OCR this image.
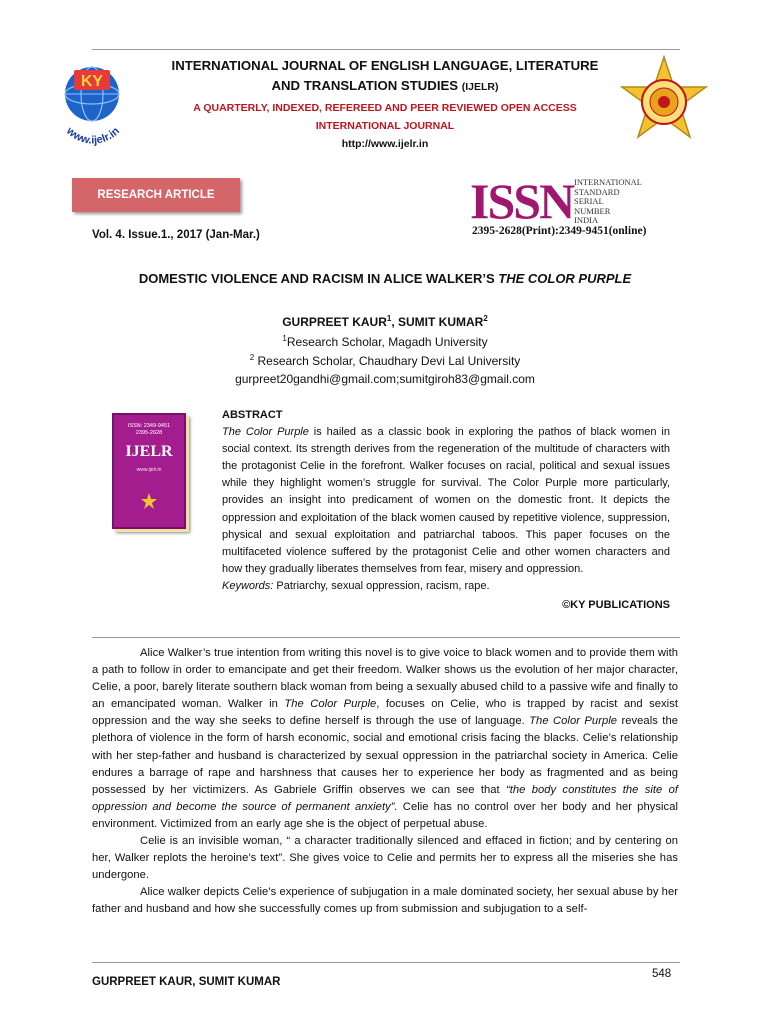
KY
www.ijelr.in
INTERNATIONAL JOURNAL OF ENGLISH LANGUAGE, LITERATURE
AND TRANSLATION STUDIES (IJELR)
A QUARTERLY, INDEXED, REFEREED AND PEER REVIEWED OPEN ACCESS
INTERNATIONAL JOURNAL
http://www.ijelr.in
RESEARCH ARTICLE	ISSN INTERNATIONAL
STANDARD
SERIAL
NUMBER
INDIA
2395-2628(Print):2349-9451(online)
Vol. 4. Issue.1., 2017 (Jan-Mar.)
DOMESTIC VIOLENCE AND RACISM IN ALICE WALKER’S THE COLOR PURPLE
GURPREET KAUR$^1$, SUMIT KUMAR$^2$
$^1$Research Scholar, Magadh University
$^2$ Research Scholar, Chaudhary Devi Lal University
gurpreet20gandhi@gmail.com;sumitgiroh83@gmail.com
ISSN: 2349-9451
2395-2628
IJELR
www.ijelr.in

ABSTRACT

The Color Purple is hailed as a classic book in exploring the pathos of black women in social context. Its strength derives from the regeneration of the multitude of characters with the protagonist Celie in the forefront. Walker focuses on racial, political and sexual issues while they highlight women’s struggle for survival. The Color Purple more particularly, provides an insight into predicament of women on the domestic front. It depicts the oppression and exploitation of the black women caused by repetitive violence, suppression, physical and sexual exploitation and patriarchal taboos. This paper focuses on the multifaceted violence suffered by the protagonist Celie and other women characters and how they gradually liberates themselves from fear, misery and oppression.

Keywords: Patriarchy, sexual oppression, racism, rape.

©KY PUBLICATIONS

Alice Walker’s true intention from writing this novel is to give voice to black women and to provide them with a path to follow in order to emancipate and get their freedom. Walker shows us the evolution of her major character, Celie, a poor, barely literate southern black woman from being a sexually abused child to a passive wife and finally to an emancipated woman. Walker in The Color Purple, focuses on Celie, who is trapped by racist and sexist oppression and the way she seeks to define herself is through the use of language. The Color Purple reveals the plethora of violence in the form of harsh economic, social and emotional crisis facing the blacks. Celie’s relationship with her step-father and husband is characterized by sexual oppression in the patriarchal society in America. Celie endures a barrage of rape and harshness that causes her to experience her body as fragmented and as being possessed by her victimizers. As Gabriele Griffin observes we can see that “the body constitutes the site of oppression and become the source of permanent anxiety”. Celie has no control over her body and her physical environment. Victimized from an early age she is the object of perpetual abuse.

Celie is an invisible woman, “ a character traditionally silenced and effaced in fiction; and by centering on her, Walker replots the heroine’s text”. She gives voice to Celie and permits her to express all the miseries she has undergone.

Alice walker depicts Celie’s experience of subjugation in a male dominated society, her sexual abuse by her father and husband and how she successfully comes up from submission and subjugation to a self-

548
GURPREET KAUR, SUMIT KUMAR
